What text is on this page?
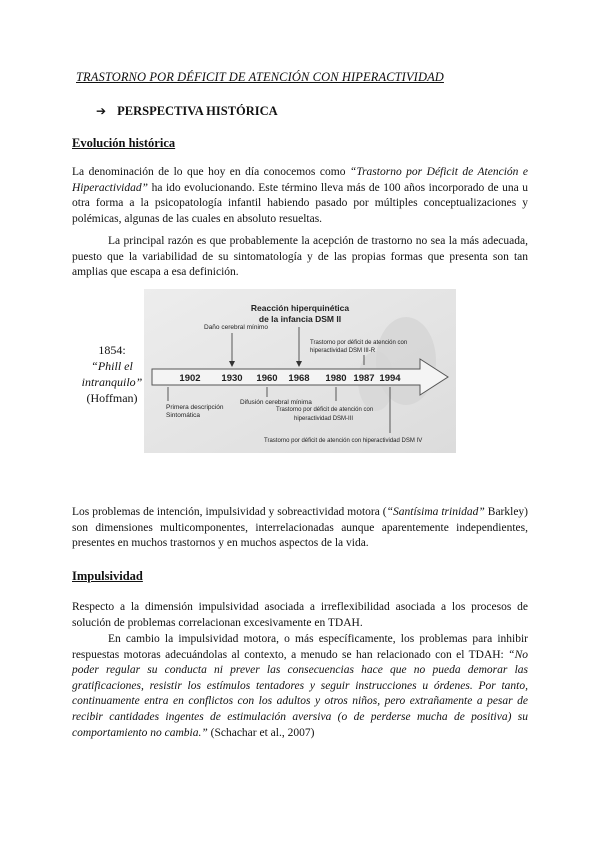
TRASTORNO POR DÉFICIT DE ATENCIÓN CON HIPERACTIVIDAD
➔ PERSPECTIVA HISTÓRICA
Evolución histórica
La denominación de lo que hoy en día conocemos como “Trastorno por Déficit de Atención e Hiperactividad” ha ido evolucionando. Este término lleva más de 100 años incorporado de una u otra forma a la psicopatología infantil habiendo pasado por múltiples conceptualizaciones y polémicas, algunas de las cuales en absoluto resueltas.
La principal razón es que probablemente la acepción de trastorno no sea la más adecuada, puesto que la variabilidad de su sintomatología y de las propias formas que presenta son tan amplias que escapa a esa definición.
1854:
“Phill el intranquilo”
(Hoffman)
1902 1930 1960 1968 1980 1987 1994
Reacción hiperquinética
de la infancia DSM II
Daño cerebral mínimo
Trastorno por déficit de atención con
hiperactividad DSM III-R
Primera descripción
Sintomática
Difusión cerebral mínima
Trastorno por déficit de atención con
hiperactividad DSM-III
Trastorno por déficit de atención con hiperactividad DSM IV
Los problemas de intención, impulsividad y sobreactividad motora (“Santísima trinidad” Barkley) son dimensiones multicomponentes, interrelacionadas aunque aparentemente independientes, presentes en muchos trastornos y en muchos aspectos de la vida.
Impulsividad
Respecto a la dimensión impulsividad asociada a irreflexibilidad asociada a los procesos de solución de problemas correlacionan excesivamente en TDAH.
En cambio la impulsividad motora, o más específicamente, los problemas para inhibir respuestas motoras adecuándolas al contexto, a menudo se han relacionado con el TDAH: “No poder regular su conducta ni prever las consecuencias hace que no pueda demorar las gratificaciones, resistir los estímulos tentadores y seguir instrucciones u órdenes. Por tanto, continuamente entra en conflictos con los adultos y otros niños, pero extrañamente a pesar de recibir cantidades ingentes de estimulación aversiva (o de perderse mucha de positiva) su comportamiento no cambia.” (Schachar et al., 2007)
